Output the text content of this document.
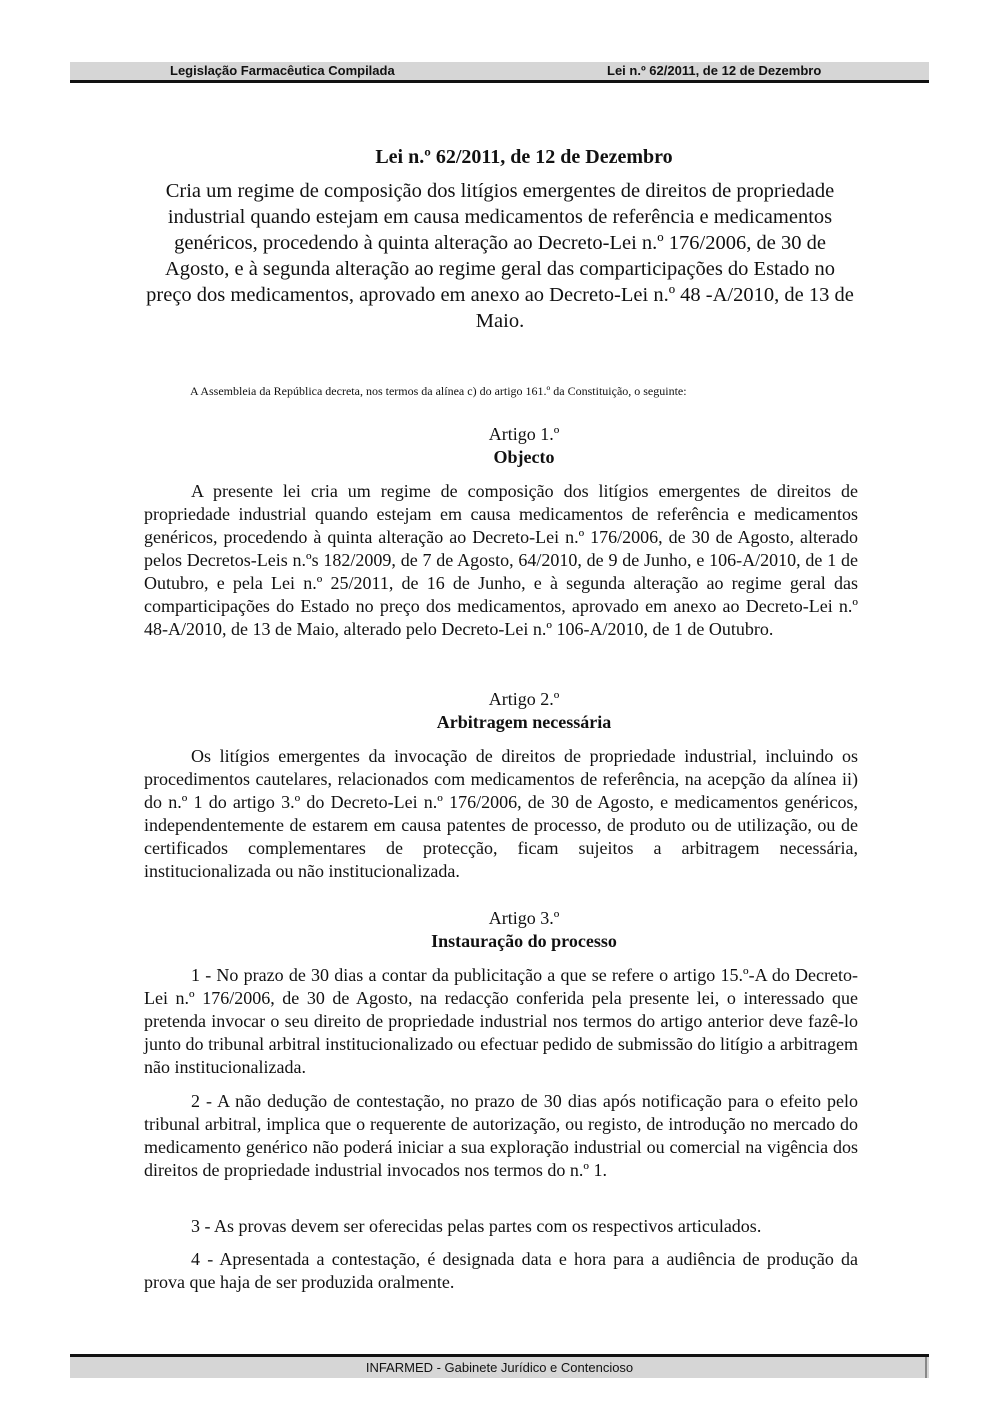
Legislação Farmacêutica Compilada	Lei n.º 62/2011, de 12 de Dezembro
Lei n.º 62/2011, de 12 de Dezembro
Cria um regime de composição dos litígios emergentes de direitos de propriedade industrial quando estejam em causa medicamentos de referência e medicamentos genéricos, procedendo à quinta alteração ao Decreto-Lei n.º 176/2006, de 30 de Agosto, e à segunda alteração ao regime geral das comparticipações do Estado no preço dos medicamentos, aprovado em anexo ao Decreto-Lei n.º 48 -A/2010, de 13 de Maio.
A Assembleia da República decreta, nos termos da alínea c) do artigo 161.º da Constituição, o seguinte:
Artigo 1.º
Objecto
A presente lei cria um regime de composição dos litígios emergentes de direitos de propriedade industrial quando estejam em causa medicamentos de referência e medicamentos genéricos, procedendo à quinta alteração ao Decreto-Lei n.º 176/2006, de 30 de Agosto, alterado pelos Decretos-Leis n.ºs 182/2009, de 7 de Agosto, 64/2010, de 9 de Junho, e 106-A/2010, de 1 de Outubro, e pela Lei n.º 25/2011, de 16 de Junho, e à segunda alteração ao regime geral das comparticipações do Estado no preço dos medicamentos, aprovado em anexo ao Decreto-Lei n.º 48-A/2010, de 13 de Maio, alterado pelo Decreto-Lei n.º 106-A/2010, de 1 de Outubro.
Artigo 2.º
Arbitragem necessária
Os litígios emergentes da invocação de direitos de propriedade industrial, incluindo os procedimentos cautelares, relacionados com medicamentos de referência, na acepção da alínea ii) do n.º 1 do artigo 3.º do Decreto-Lei n.º 176/2006, de 30 de Agosto, e medicamentos genéricos, independentemente de estarem em causa patentes de processo, de produto ou de utilização, ou de certificados complementares de protecção, ficam sujeitos a arbitragem necessária, institucionalizada ou não institucionalizada.
Artigo 3.º
Instauração do processo
1 - No prazo de 30 dias a contar da publicitação a que se refere o artigo 15.º-A do Decreto-Lei n.º 176/2006, de 30 de Agosto, na redacção conferida pela presente lei, o interessado que pretenda invocar o seu direito de propriedade industrial nos termos do artigo anterior deve fazê-lo junto do tribunal arbitral institucionalizado ou efectuar pedido de submissão do litígio a arbitragem não institucionalizada.
2 - A não dedução de contestação, no prazo de 30 dias após notificação para o efeito pelo tribunal arbitral, implica que o requerente de autorização, ou registo, de introdução no mercado do medicamento genérico não poderá iniciar a sua exploração industrial ou comercial na vigência dos direitos de propriedade industrial invocados nos termos do n.º 1.
3 - As provas devem ser oferecidas pelas partes com os respectivos articulados.
4 - Apresentada a contestação, é designada data e hora para a audiência de produção da prova que haja de ser produzida oralmente.
INFARMED - Gabinete Jurídico e Contencioso
